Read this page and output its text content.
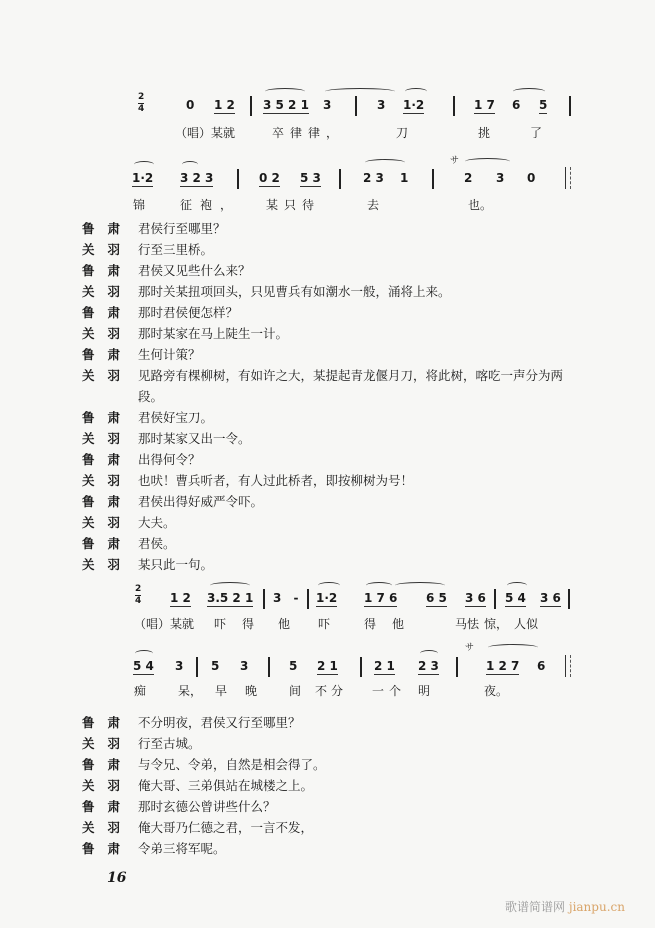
2
4	0 1 2 3 5 2 1 3	3 1·2	1 7 6 5
（唱）某就	卒律律，	刀	挑	了
1·2 3 2 3	0 2 5 3	2 3 1
サ
2 3 0
锦	征袍， 某只待	去	也。
鲁肃 君侯行至哪里？
关羽 行至三里桥。
鲁肃 君侯又见些什么来？
关羽 那时关某扭项回头，只见曹兵有如潮水一般，涌将上来。
鲁肃 那时君侯便怎样？
关羽 那时某家在马上陡生一计。
鲁肃 生何计策？
关羽 见路旁有棵柳树，有如许之大，某提起青龙偃月刀，将此树，喀吃一声分为两
段。
鲁肃 君侯好宝刀。
关羽 那时某家又出一令。
鲁肃 出得何令？
关羽 也吠！曹兵听者，有人过此桥者，即按柳树为号！
鲁肃 君侯出得好威严令吓。
关羽 大夫。
鲁肃 君侯。
关羽 某只此一句。
2
4 1 2 3.5 2 1 3 - 1·2 1 7 6 6 5 3 6 5 4 3 6
（唱）某就 吓 得 他 吓	得 他	马怯 惊， 人似
5 4 3 5 3	5 2 1	2 1 2 3
サ
1 2 7 6
痴	呆， 早 晚	间 不分 一个 明	夜。
鲁肃 不分明夜，君侯又行至哪里？
关羽 行至古城。
鲁肃 与令兄、令弟，自然是相会得了。
关羽 俺大哥、三弟俱站在城楼之上。
鲁肃 那时玄德公曾讲些什么？
关羽 俺大哥乃仁德之君，一言不发，
鲁肃 令弟三将军呢。
16
歌谱简谱网 jianpu.cn
